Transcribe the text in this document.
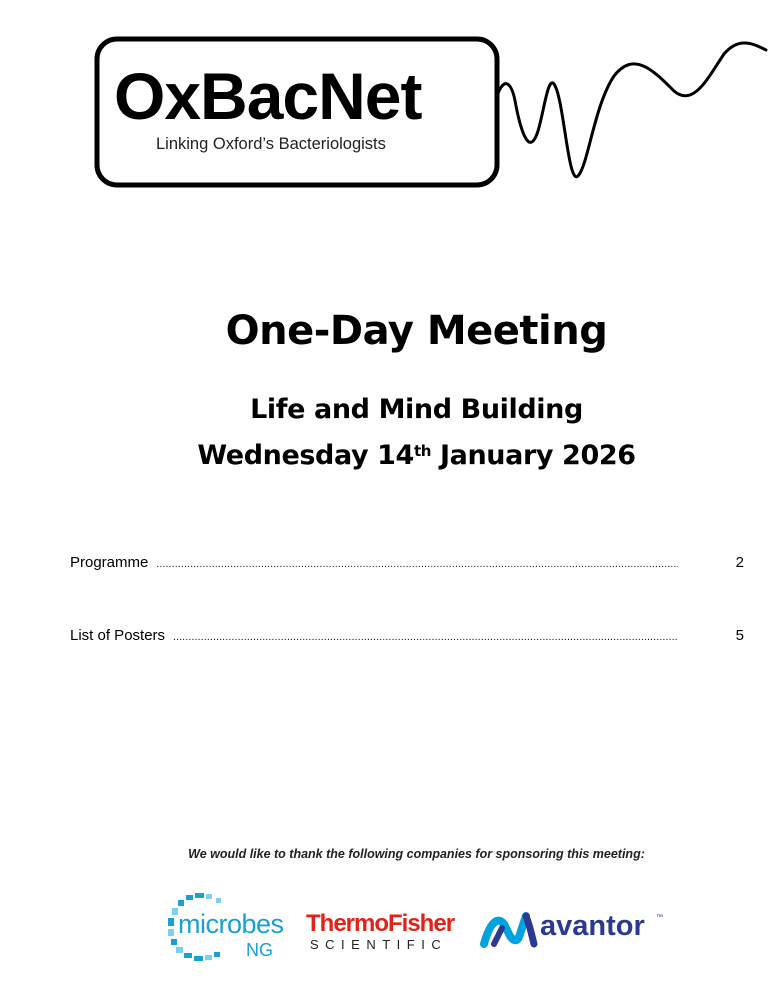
OxBacNet
Linking Oxford’s Bacteriologists
One-Day Meeting
Life and Mind Building
Wednesday 14th January 2026
Programme .....	2
List of Posters .....	5
We would like to thank the following companies for sponsoring this meeting:
microbes
NG
ThermoFisher
SCIENTIFIC
avantor ™
